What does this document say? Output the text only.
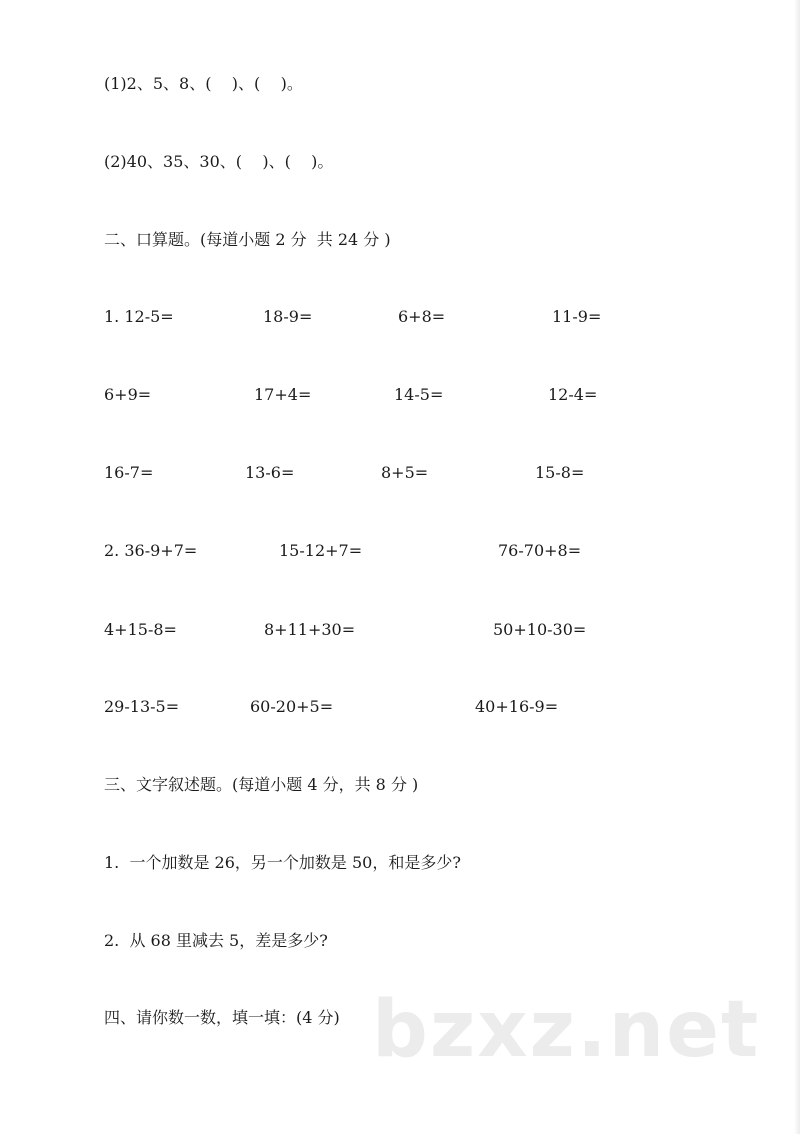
(1)2、5、8、(    )、(    )。
(2)40、35、30、(    )、(    )。
二、口算题。(每道小题 2 分  共 24 分 )
1. 12-5=	18-9=	6+8=	11-9=
6+9=	17+4=	14-5=	12-4=
16-7=	13-6=	8+5=	15-8=
2. 36-9+7=	15-12+7=	76-70+8=
4+15-8=	8+11+30=	50+10-30=
29-13-5=	60-20+5=	40+16-9=
三、文字叙述题。(每道小题 4 分，共 8 分 )
1.  一个加数是 26，另一个加数是 50，和是多少?
2.  从 68 里减去 5，差是多少?
四、请你数一数，填一填：(4 分) bzxz.net
